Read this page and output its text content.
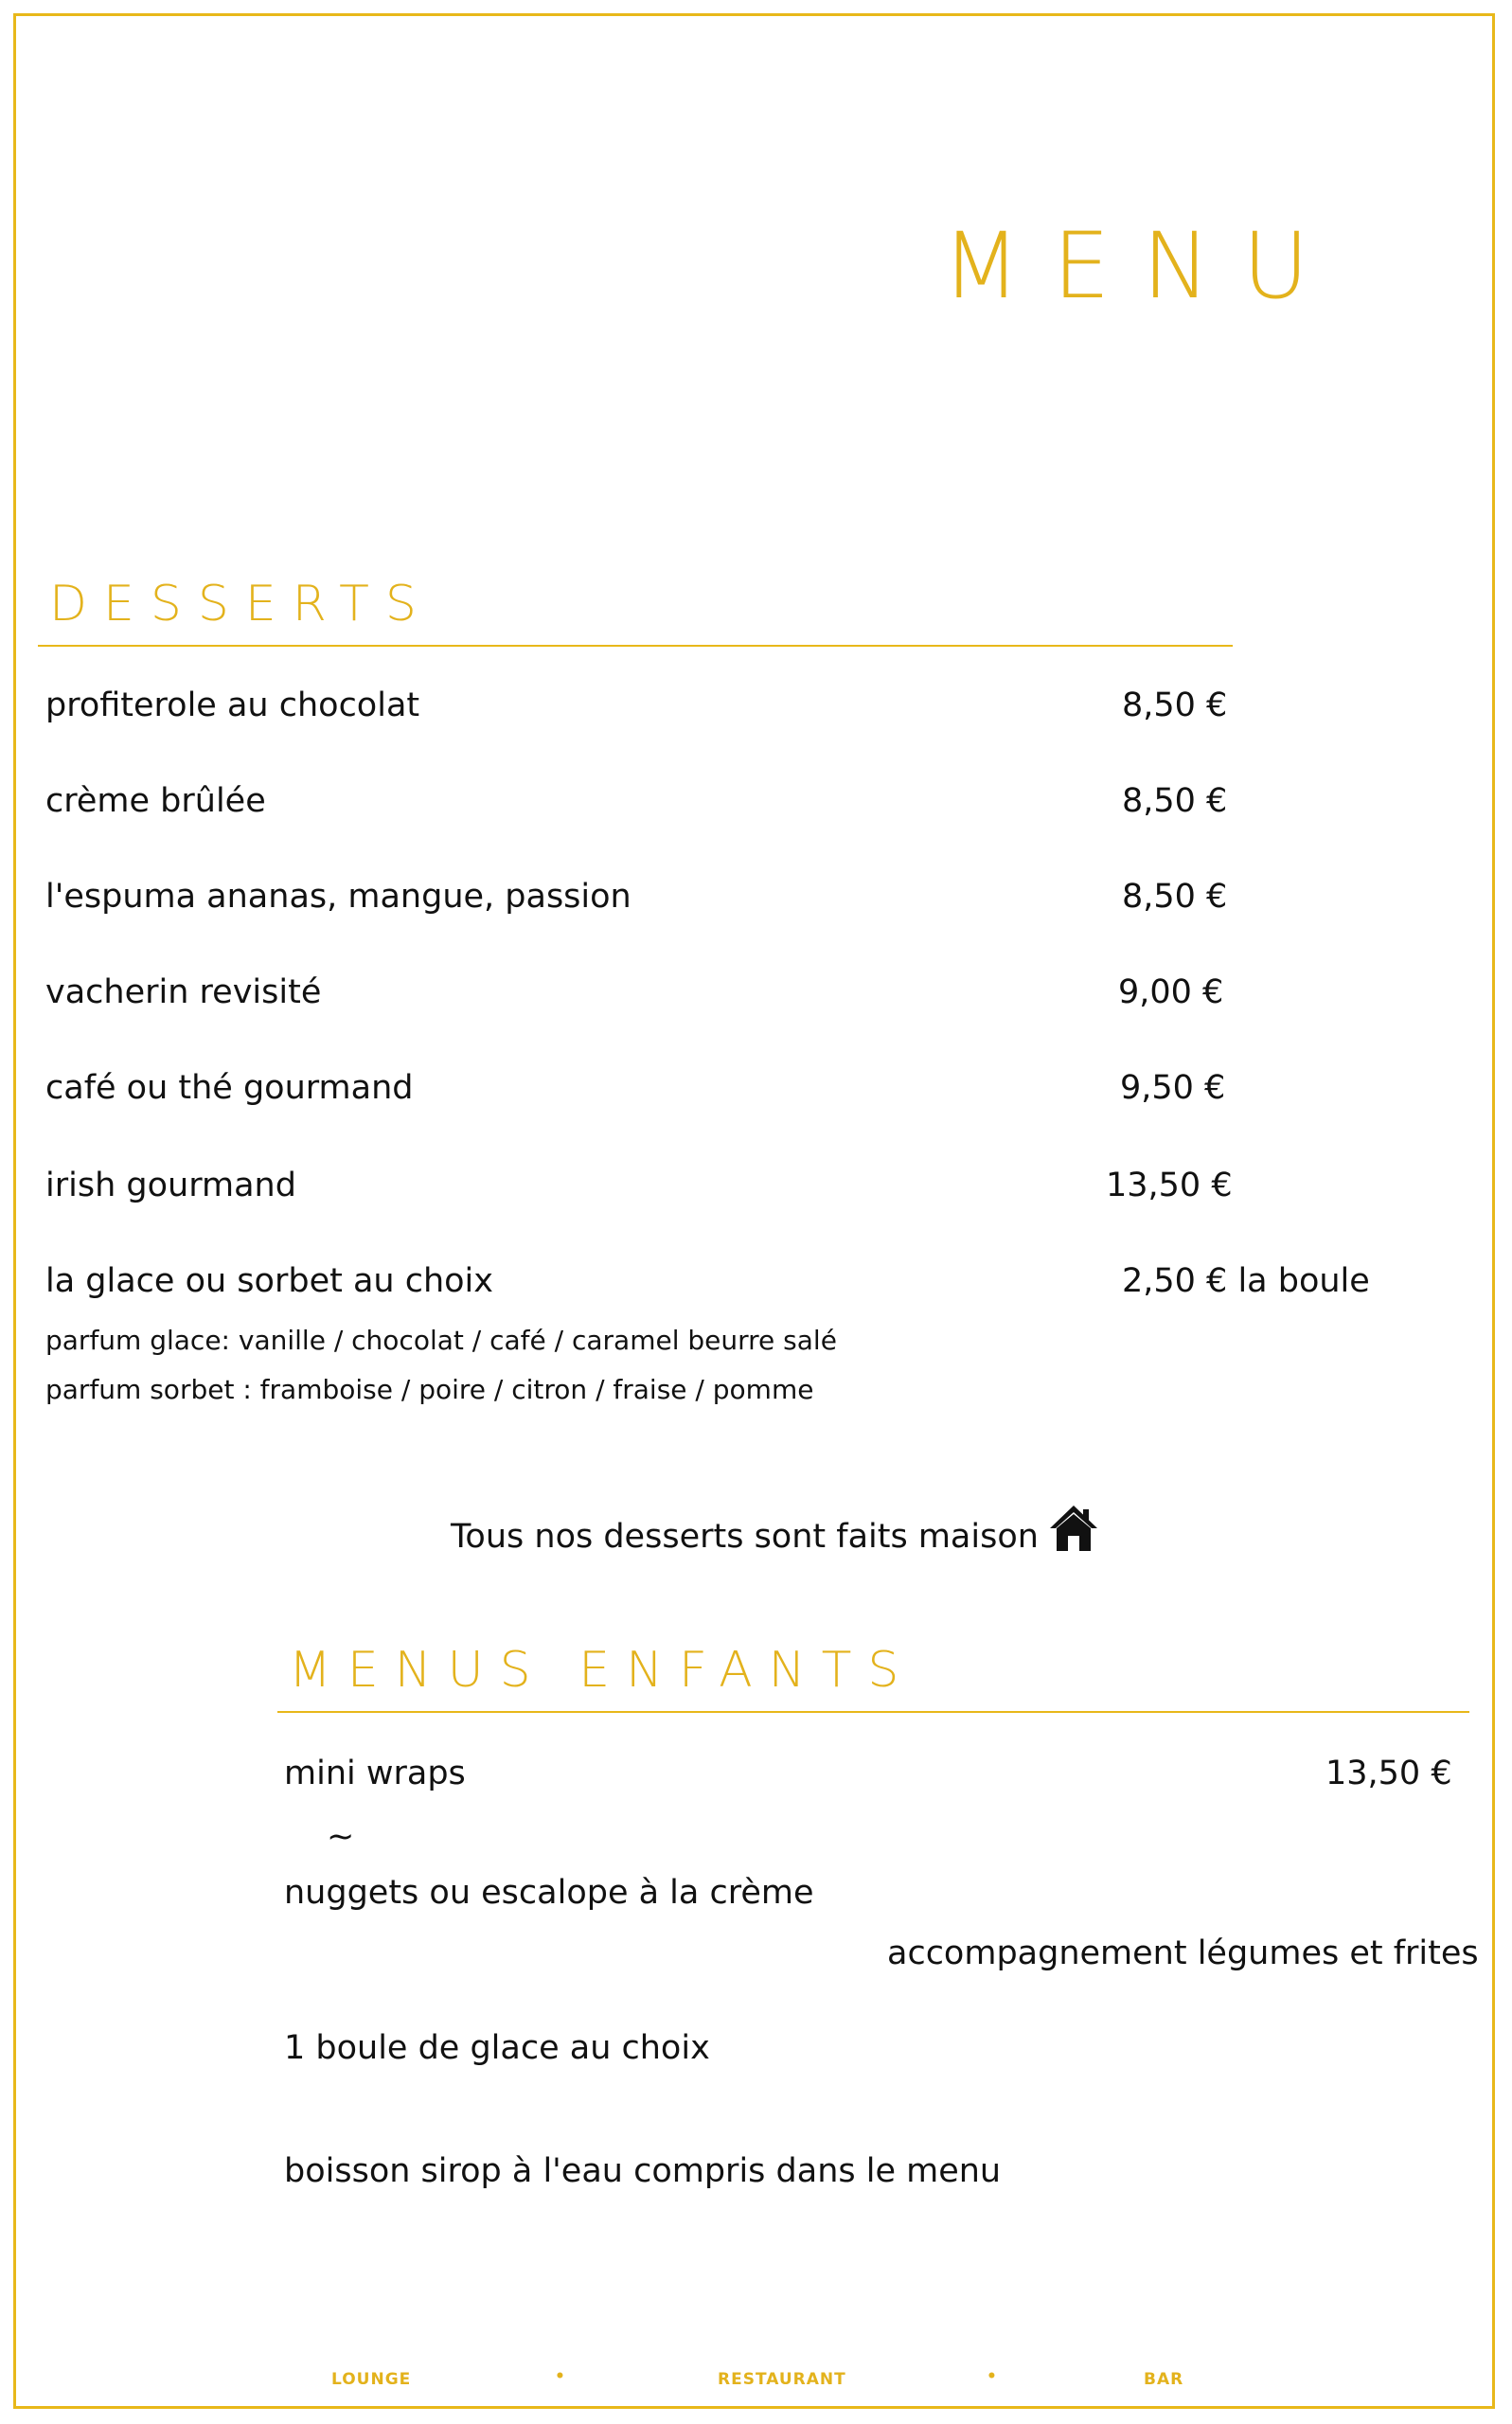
MENU
DESSERTS
profiterole au chocolat	8,50 €
crème brûlée	8,50 €
l'espuma ananas, mangue, passion	8,50 €
vacherin revisité	9,00 €
café ou thé gourmand	9,50 €
irish gourmand	13,50 €
la glace ou sorbet au choix	2,50 € la boule
parfum glace: vanille / chocolat / café / caramel beurre salé
parfum sorbet : framboise / poire / citron / fraise / pomme
Tous nos desserts sont faits maison
MENUS ENFANTS
mini wraps	13,50 €
~
nuggets ou escalope à la crème
accompagnement légumes et frites
1 boule de glace au choix
boisson sirop à l'eau compris dans le menu
LOUNGE	•	RESTAURANT	•	BAR
